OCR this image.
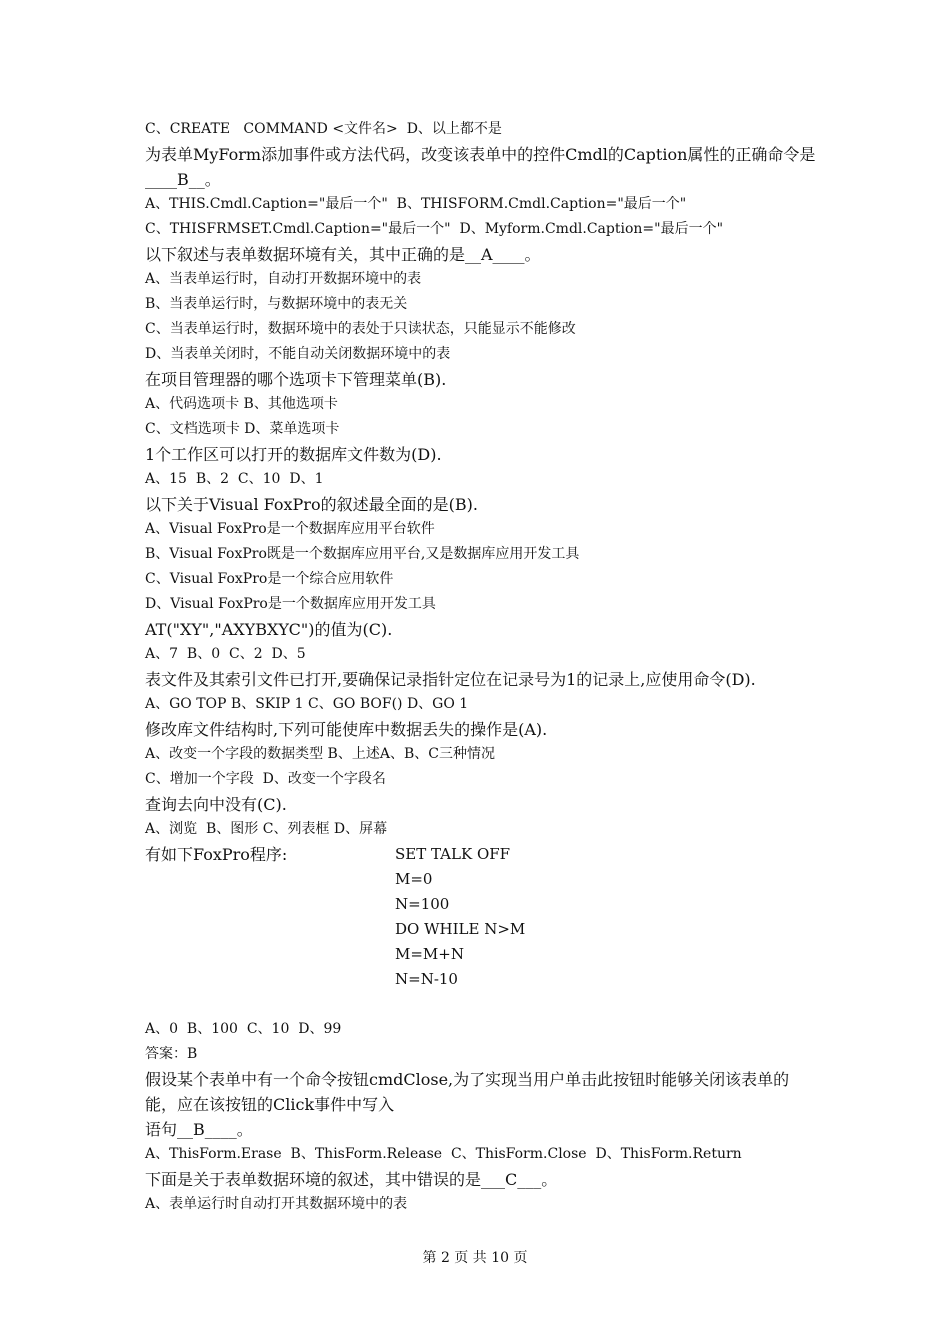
C、CREATE   COMMAND <文件名>  D、以上都不是
为表单MyForm添加事件或方法代码，改变该表单中的控件Cmdl的Caption属性的正确命令是
____B__。
A、THIS.Cmdl.Caption="最后一个"  B、THISFORM.Cmdl.Caption="最后一个"
C、THISFRMSET.Cmdl.Caption="最后一个"  D、Myform.Cmdl.Caption="最后一个"
以下叙述与表单数据环境有关，其中正确的是__A____。
A、当表单运行时，自动打开数据环境中的表
B、当表单运行时，与数据环境中的表无关
C、当表单运行时，数据环境中的表处于只读状态，只能显示不能修改
D、当表单关闭时，不能自动关闭数据环境中的表
在项目管理器的哪个选项卡下管理菜单(B).
A、代码选项卡 B、其他选项卡
C、文档选项卡 D、菜单选项卡
1个工作区可以打开的数据库文件数为(D).
A、15  B、2  C、10  D、1
以下关于Visual FoxPro的叙述最全面的是(B).
A、Visual FoxPro是一个数据库应用平台软件
B、Visual FoxPro既是一个数据库应用平台,又是数据库应用开发工具
C、Visual FoxPro是一个综合应用软件
D、Visual FoxPro是一个数据库应用开发工具
AT("XY","AXYBXYC")的值为(C).
A、7  B、0  C、2  D、5
表文件及其索引文件已打开,要确保记录指针定位在记录号为1的记录上,应使用命令(D).
A、GO TOP B、SKIP 1 C、GO BOF() D、GO 1
修改库文件结构时,下列可能使库中数据丢失的操作是(A).
A、改变一个字段的数据类型 B、上述A、B、C三种情况
C、增加一个字段  D、改变一个字段名
查询去向中没有(C).
A、浏览  B、图形 C、列表框 D、屏幕
有如下FoxPro程序:	SET TALK OFF
M=0
N=100
DO WHILE N>M
M=M+N
N=N-10
A、0  B、100  C、10  D、99
答案：B
假设某个表单中有一个命令按钮cmdClose,为了实现当用户单击此按钮时能够关闭该表单的
能，应在该按钮的Click事件中写入
语句__B____。
A、ThisForm.Erase  B、ThisForm.Release  C、ThisForm.Close  D、ThisForm.Return
下面是关于表单数据环境的叙述，其中错误的是___C___。
A、表单运行时自动打开其数据环境中的表
第 2 页 共 10 页
